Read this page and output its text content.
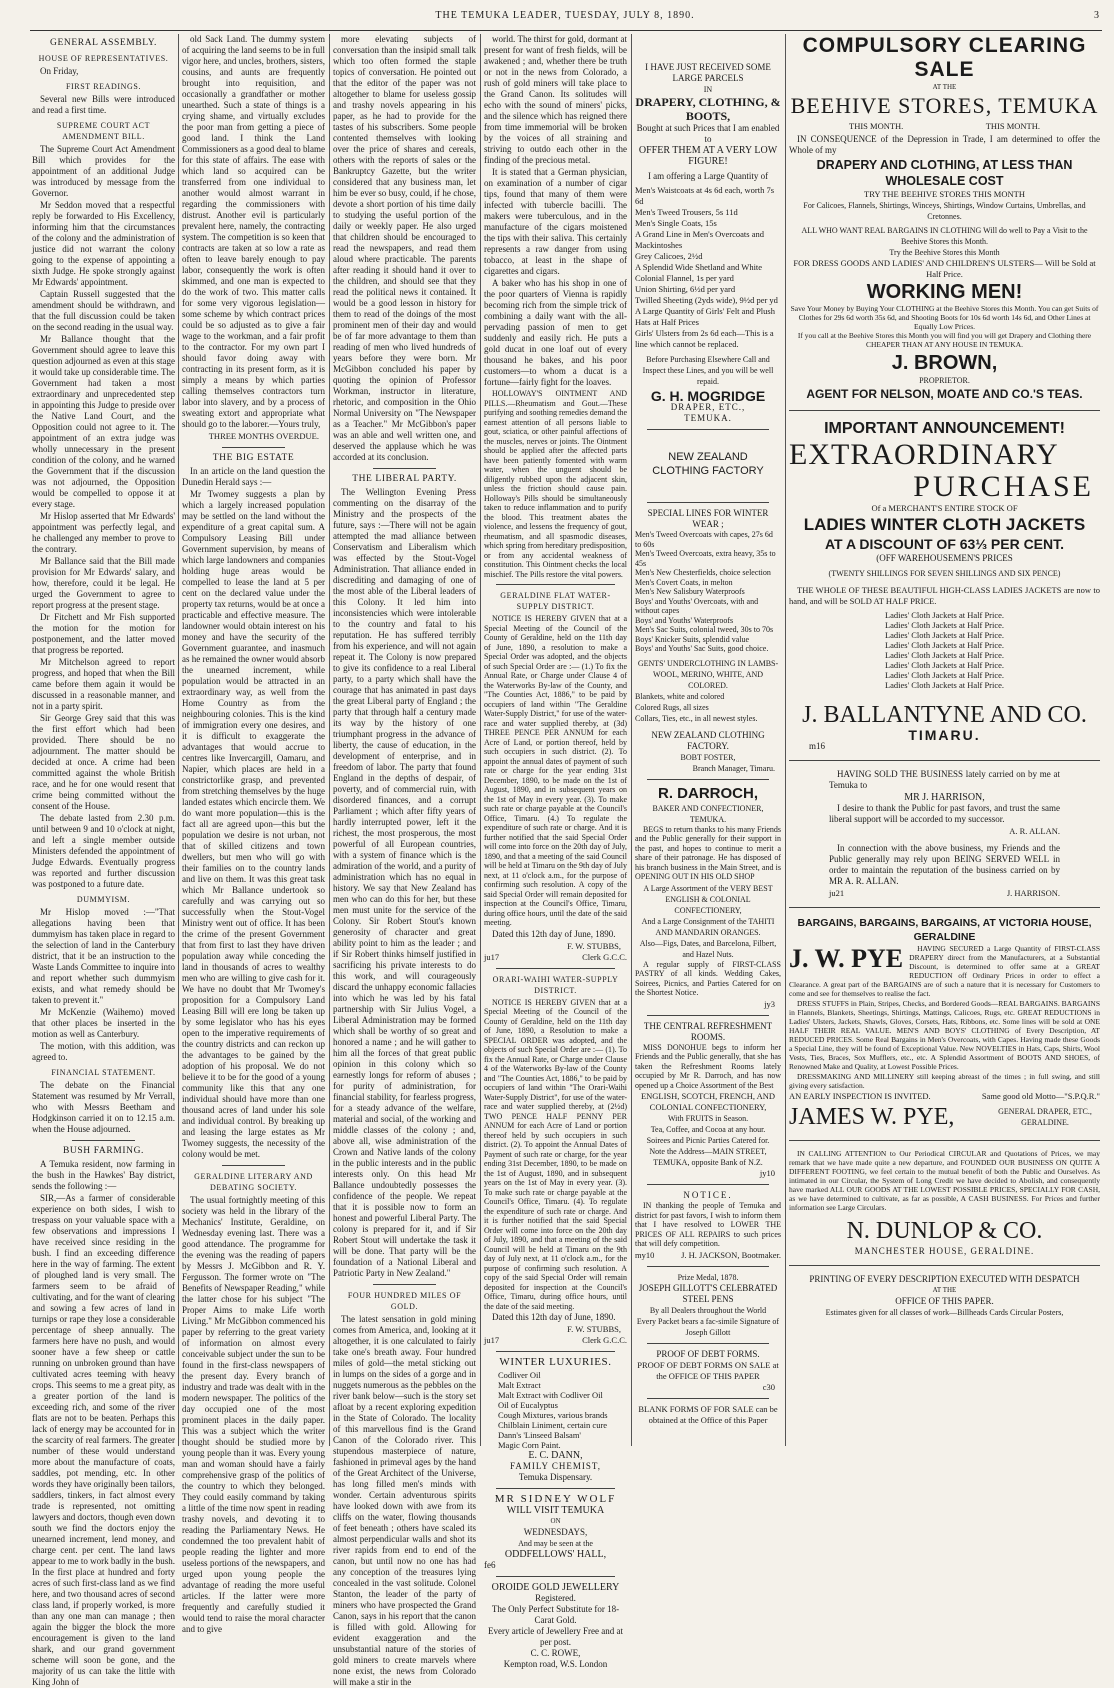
THE TEMUKA LEADER, TUESDAY, JULY 8, 1890.	3
GENERAL ASSEMBLY.
HOUSE OF REPRESENTATIVES.

On Friday,

FIRST READINGS.

Several new Bills were introduced and read a first time.

SUPREME COURT ACT AMENDMENT BILL.

The Supreme Court Act Amendment Bill which provides for the appointment of an additional Judge was introduced by message from the Governor.

Mr Seddon moved that a respectful reply be forwarded to His Excellency, informing him that the circumstances of the colony and the administration of justice did not warrant the colony going to the expense of appointing a sixth Judge. He spoke strongly against Mr Edwards' appointment.

Captain Russell suggested that the amendment should be withdrawn, and that the full discussion could be taken on the second reading in the usual way.

Mr Ballance thought that the Government should agree to leave this question adjourned as even at this stage it would take up considerable time. The Government had taken a most extraordinary and unprecedented step in appointing this Judge to preside over the Native Land Court, and the Opposition could not agree to it. The appointment of an extra judge was wholly unnecessary in the present condition of the colony, and he warned the Government that if the discussion was not adjourned, the Opposition would be compelled to oppose it at every stage.

Mr Hislop asserted that Mr Edwards' appointment was perfectly legal, and he challenged any member to prove to the contrary.

Mr Ballance said that the Bill made provision for Mr Edwards' salary, and how, therefore, could it be legal. He urged the Government to agree to report progress at the present stage.

Dr Fitchett and Mr Fish supported the motion for the motion for postponement, and the latter moved that progress be reported.

Mr Mitchelson agreed to report progress, and hoped that when the Bill came before them again it would be discussed in a reasonable manner, and not in a party spirit.

Sir George Grey said that this was the first effort which had been provided. There should be no adjournment. The matter should be decided at once. A crime had been committed against the whole British race, and he for one would resent that crime being committed without the consent of the House.

The debate lasted from 2.30 p.m. until between 9 and 10 o'clock at night, and left a single member outside Ministers defended the appointment of Judge Edwards. Eventually progress was reported and further discussion was postponed to a future date.

DUMMYISM.

Mr Hislop moved :—"That allegations having been that dummyism has taken place in regard to the selection of land in the Canterbury district, that it be an instruction to the Waste Lands Committee to inquire into and report whether such dummyism exists, and what remedy should be taken to prevent it."

Mr McKenzie (Waihemo) moved that other places be inserted in the motion as well as Canterbury.

The motion, with this addition, was agreed to.

FINANCIAL STATEMENT.

The debate on the Financial Statement was resumed by Mr Verrall, who with Messrs Beetham and Hodgkinson carried it on to 12.15 a.m. when the House adjourned.

BUSH FARMING.

A Temuka resident, now farming in the bush in the Hawkes' Bay district, sends the following :—

SIR,—As a farmer of considerable experience on both sides, I wish to trespass on your valuable space with a few observations and impressions I have received since residing in the bush. I find an exceeding difference here in the way of farming. The extent of ploughed land is very small. The farmers seem to be afraid of cultivating, and for the want of clearing and sowing a few acres of land in turnips or rape they lose a considerable percentage of sheep annually. The farmers here have no push, and would sooner have a few sheep or cattle running on unbroken ground than have cultivated acres teeming with heavy crops. This seems to me a great pity, as a greater portion of the land is exceeding rich, and some of the river flats are not to be beaten. Perhaps this lack of energy may be accounted for in the scarcity of real farmers. The greater number of these would understand more about the manufacture of coats, saddles, pot mending, etc. In other words they have originally been tailors, saddlers, tinkers, in fact almost every trade is represented, not omitting lawyers and doctors, though even down south we find the doctors enjoy the unearned increment, lend money, and charge cent. per cent. The land laws appear to me to work badly in the bush. In the first place at hundred and forty acres of such first-class land as we find here, and two thousand acres of second class land, if properly worked, is more than any one man can manage ; then again the bigger the block the more encouragement is given to the land shark, and our grand government scheme will soon be gone, and the majority of us can take the little with King John of

old Sack Land. The dummy system of acquiring the land seems to be in full vigor here, and uncles, brothers, sisters, cousins, and aunts are frequently brought into requisition, and occasionally a grandfather or mother unearthed. Such a state of things is a crying shame, and virtually excludes the poor man from getting a piece of good land. I think the Land Commissioners as a good deal to blame for this state of affairs. The ease with which land so acquired can be transferred from one individual to another would almost warrant in regarding the commissioners with distrust. Another evil is particularly prevalent here, namely, the contracting system. The competition is so keen that contracts are taken at so low a rate as often to leave barely enough to pay labor, consequently the work is often skimmed, and one man is expected to do the work of two. This matter calls for some very vigorous legislation—some scheme by which contract prices could be so adjusted as to give a fair wage to the workman, and a fair profit to the contractor. For my own part I should favor doing away with contracting in its present form, as it is simply a means by which parties calling themselves contractors turn labor into slavery, and by a process of sweating extort and appropriate what should go to the laborer.—Yours truly,

THREE MONTHS OVERDUE.
THE BIG ESTATE

In an article on the land question the Dunedin Herald says :—

Mr Twomey suggests a plan by which a largely increased population may be settled on the land without the expenditure of a great capital sum. A Compulsory Leasing Bill under Government supervision, by means of which large landowners and companies holding huge areas would be compelled to lease the land at 5 per cent on the declared value under the property tax returns, would be at once a practicable and effective measure. The landowner would obtain interest on his money and have the security of the Government guarantee, and inasmuch as he remained the owner would absorb the unearned increment, while population would be attracted in an extraordinary way, as well from the Home Country as from the neighbouring colonies. This is the kind of immigration every one desires, and it is difficult to exaggerate the advantages that would accrue to centres like Invercargill, Oamaru, and Napier, which places are held in a constrictorlike grasp, and prevented from stretching themselves by the huge landed estates which encircle them. We do want more population—this is the fact all are agreed upon—this but the population we desire is not urban, not that of skilled citizens and town dwellers, but men who will go with their families on to the country lands and live on them. It was this great task which Mr Ballance undertook so carefully and was carrying out so successfully when the Stout-Vogel Ministry went out of office. It has been the crime of the present Government that from first to last they have driven population away while conceding the land in thousands of acres to wealthy men who are willing to give cash for it. We have no doubt that Mr Twomey's proposition for a Compulsory Land Leasing Bill will ere long be taken up by some legislator who has his eyes open to the imperative requirements of the country districts and can reckon up the advantages to be gained by the adoption of his proposal. We do not believe it to be for the good of a young community like this that any one individual should have more than one thousand acres of land under his sole and individual control. By breaking up and leasing the large estates as Mr Twomey suggests, the necessity of the colony would be met.

GERALDINE LITERARY AND DEBATING SOCIETY.

The usual fortnightly meeting of this society was held in the library of the Mechanics' Institute, Geraldine, on Wednesday evening last. There was a good attendance. The programme for the evening was the reading of papers by Messrs J. McGibbon and R. Y. Fergusson. The former wrote on "The Benefits of Newspaper Reading," while the latter chose for his subject "The Proper Aims to make Life worth Living." Mr McGibbon commenced his paper by referring to the great variety of information on almost every conceivable subject under the sun to be found in the first-class newspapers of the present day. Every branch of industry and trade was dealt with in the modern newspaper. The politics of the day occupied one of the most prominent places in the daily paper. This was a subject which the writer thought should be studied more by young people than it was. Every young man and woman should have a fairly comprehensive grasp of the politics of the country to which they belonged. They could easily command by taking a little of the time now spent in reading trashy novels, and devoting it to reading the Parliamentary News. He condemned the too prevalent habit of people reading the lighter and more useless portions of the newspapers, and urged upon young people the advantage of reading the more useful articles. If the latter were more frequently and carefully studied it would tend to raise the moral character and to give

more elevating subjects of conversation than the insipid small talk which too often formed the staple topics of conversation. He pointed out that the editor of the paper was not altogether to blame for useless gossip and trashy novels appearing in his paper, as he had to provide for the tastes of his subscribers. Some people contented themselves with looking over the price of shares and cereals, others with the reports of sales or the Bankruptcy Gazette, but the writer considered that any business man, let him be ever so busy, could, if he chose, devote a short portion of his time daily to studying the useful portion of the daily or weekly paper. He also urged that children should be encouraged to read the newspapers, and read them aloud where practicable. The parents after reading it should hand it over to the children, and should see that they read the political news it contained. It would be a good lesson in history for them to read of the doings of the most prominent men of their day and would be of far more advantage to them than reading of men who lived hundreds of years before they were born. Mr McGibbon concluded his paper by quoting the opinion of Professor Workman, instructor in literature, rhetoric, and composition in the Ohio Normal University on "The Newspaper as a Teacher." Mr McGibbon's paper was an able and well written one, and deserved the applause which he was accorded at its conclusion.

THE LIBERAL PARTY.

The Wellington Evening Press commenting on the disarray of the Ministry and the prospects of the future, says :—There will not be again attempted the mad alliance between Conservatism and Liberalism which was effected by the Stout-Vogel Administration. That alliance ended in discrediting and damaging of one of the most able of the Liberal leaders of this Colony. It led him into inconsistencies which were intolerable to the country and fatal to his reputation. He has suffered terribly from his experience, and will not again repeat it. The Colony is now prepared to give its confidence to a real Liberal party, to a party which shall have the courage that has animated in past days the great Liberal party of England ; the party that through half a century made its way by the history of one triumphant progress in the advance of liberty, the cause of education, in the development of enterprise, and in freedom of labor. The party that found England in the depths of despair, of poverty, and of commercial ruin, with disordered finances, and a corrupt Parliament ; which after fifty years of hardly interrupted power, left it the richest, the most prosperous, the most powerful of all European countries, with a system of finance which is the admiration of the world, and a purity of administration which has no equal in history. We say that New Zealand has men who can do this for her, but these men must unite for the service of the Colony. Sir Robert Stout's known generosity of character and great ability point to him as the leader ; and if Sir Robert thinks himself justified in sacrificing his private interests to do this work, and will courageously discard the unhappy economic fallacies into which he was led by his fatal partnership with Sir Julius Vogel, a Liberal Administration may be formed which shall be worthy of so great and honored a name ; and he will gather to him all the forces of that great public opinion in this colony which so earnestly longs for reform of abuses ; for purity of administration, for financial stability, for fearless progress, for a steady advance of the welfare, material and social, of the working and middle classes of the colony ; and, above all, wise administration of the Crown and Native lands of the colony in the public interests and in the public interests only. On this head Mr Ballance undoubtedly possesses the confidence of the people. We repeat that it is possible now to form an honest and powerful Liberal Party. The colony is prepared for it, and if Sir Robert Stout will undertake the task it will be done. That party will be the foundation of a National Liberal and Patriotic Party in New Zealand."

FOUR HUNDRED MILES OF GOLD.

The latest sensation in gold mining comes from America, and, looking at it altogether, it is one calculated to fairly take one's breath away. Four hundred miles of gold—the metal sticking out in lumps on the sides of a gorge and in nuggets numerous as the pebbles on the river bank below—such is the story set afloat by a recent exploring expedition in the State of Colorado. The locality of this marvellous find is the Grand Canon of the Colorado river. This stupendous masterpiece of nature, fashioned in primeval ages by the hand of the Great Architect of the Universe, has long filled men's minds with wonder. Certain adventurous spirits have looked down with awe from its cliffs on the water, flowing thousands of feet beneath ; others have scaled its almost perpendicular walls and shot its river rapids from end to end of the canon, but until now no one has had any conception of the treasures lying concealed in the vast solitude. Colonel Stanton, the leader of the party of miners who have prospected the Grand Canon, says in his report that the canon is filled with gold. Allowing for evident exaggeration and the unsubstantial nature of the stories of gold miners to create marvels where none exist, the news from Colorado will make a stir in the

world. The thirst for gold, dormant at present for want of fresh fields, will be awakened ; and, whether there be truth or not in the news from Colorado, a rush of gold miners will take place to the Grand Canon. Its solitudes will echo with the sound of miners' picks, and the silence which has reigned there from time immemorial will be broken by the voices of all straining and striving to outdo each other in the finding of the precious metal.

It is stated that a German physician, on examination of a number of cigar tips, found that many of them were infected with tubercle bacilli. The makers were tuberculous, and in the manufacture of the cigars moistened the tips with their saliva. This certainly represents a raw danger from using tobacco, at least in the shape of cigarettes and cigars.

A baker who has his shop in one of the poor quarters of Vienna is rapidly becoming rich from the simple trick of combining a daily want with the all-pervading passion of men to get suddenly and easily rich. He puts a gold ducat in one loaf out of every thousand he bakes, and his poor customers—to whom a ducat is a fortune—fairly fight for the loaves.

HOLLOWAY'S OINTMENT AND PILLS.—Rheumatism and Gout.—These purifying and soothing remedies demand the earnest attention of all persons liable to gout, sciatica, or other painful affections of the muscles, nerves or joints. The Ointment should be applied after the affected parts have been patiently fomented with warm water, when the unguent should be diligently rubbed upon the adjacent skin, unless the friction should cause pain. Holloway's Pills should be simultaneously taken to reduce inflammation and to purify the blood. This treatment abates the violence, and lessens the frequency of gout, rheumatism, and all spasmodic diseases, which spring from hereditary predisposition, or from any accidental weakness of constitution. This Ointment checks the local mischief. The Pills restore the vital powers.

GERALDINE FLAT WATER-SUPPLY DISTRICT.

NOTICE IS HEREBY GIVEN that at a Special Meeting of the Council of the County of Geraldine, held on the 11th day of June, 1890, a resolution to make a Special Order was adopted, and the objects of such Special Order are :— (1.) To fix the Annual Rate, or Charge under Clause 4 of the Waterworks By-law of the County, and "The Counties Act, 1886," to be paid by occupiers of land within "The Geraldine Water-Supply District," for use of the water-race and water supplied thereby, at (3d) THREE PENCE PER ANNUM for each Acre of Land, or portion thereof, held by such occupiers in such district. (2). To appoint the annual dates of payment of such rate or charge for the year ending 31st December, 1890, to be made on the 1st of August, 1890, and in subsequent years on the 1st of May in every year. (3). To make such rate or charge payable at the Council's Office, Timaru. (4.) To regulate the expenditure of such rate or charge. And it is further notified that the said Special Order will come into force on the 20th day of July, 1890, and that a meeting of the said Council will be held at Timaru on the 9th day of July next, at 11 o'clock a.m., for the purpose of confirming such resolution. A copy of the said Special Order will remain deposited for inspection at the Council's Office, Timaru, during office hours, until the date of the said meeting.

Dated this 12th day of June, 1890.

F. W. STUBBS,
ju17	Clerk G.C.C.
ORARI-WAIHI WATER-SUPPLY DISTRICT.

NOTICE IS HEREBY GIVEN that at a Special Meeting of the Council of the County of Geraldine, held on the 11th day of June, 1890, a Resolution to make a SPECIAL ORDER was adopted, and the objects of such Special Order are :— (1). To fix the Annual Rate, or Charge under Clause 4 of the Waterworks By-law of the County and "The Counties Act, 1886," to be paid by occupiers of land within "The Orari-Waihi Water-Supply District", for use of the water-race and water supplied thereby, at (2½d) TWO PENCE HALF PENNY PER ANNUM for each Acre of Land or portion thereof held by such occupiers in such district. (2). To appoint the Annual Dates of Payment of such rate or charge, for the year ending 31st December, 1890, to be made on the 1st of August, 1890, and in subsequent years on the 1st of May in every year. (3). To make such rate or charge payable at the Council's Office, Timaru. (4). To regulate the expenditure of such rate or charge. And it is further notified that the said Special Order will come into force on the 20th day of July, 1890, and that a meeting of the said Council will be held at Timaru on the 9th day of July next, at 11 o'clock a.m., for the purpose of confirming such resolution. A copy of the said Special Order will remain deposited for inspection at the Council's Office, Timaru, during office hours, until the date of the said meeting.

Dated this 12th day of June, 1890.

F. W. STUBBS,
ju17	Clerk G.C.C.
WINTER LUXURIES.
Codliver Oil
Malt Extract
Malt Extract with Codliver Oil
Oil of Eucalyptus
Cough Mixtures, various brands
Chilblain Liniment, certain cure
Dann's 'Linseed Balsam'
Magic Corn Paint.
E. C. DANN,
FAMILY CHEMIST,
Temuka Dispensary.
MR SIDNEY WOLF
WILL VISIT TEMUKA
ON
WEDNESDAYS,
And may be seen at the
ODDFELLOWS' HALL,
fe6
OROIDE GOLD JEWELLERY
Registered.
The Only Perfect Substitute for 18-Carat Gold.
Every article of Jewellery Free and at per post.
C. C. ROWE,
Kempton road, W.S. London
I HAVE JUST RECEIVED SOME LARGE PARCELS
IN
DRAPERY, CLOTHING, & BOOTS,
Bought at such Prices that I am enabled to
OFFER THEM AT A VERY LOW FIGURE!
I am offering a Large Quantity of
Men's Waistcoats at 4s 6d each, worth 7s 6d
Men's Tweed Trousers, 5s 11d
Men's Single Coats, 15s
A Grand Line in Men's Overcoats and Mackintoshes
Grey Calicoes, 2½d
A Splendid Wide Shetland and White Colonial Flannel, 1s per yard
Union Shirting, 6½d per yard
Twilled Sheeting (2yds wide), 9½d per yd
A Large Quantity of Girls' Felt and Plush Hats at Half Prices
Girls' Ulsters from 2s 6d each—This is a line which cannot be replaced.
Before Purchasing Elsewhere Call and Inspect these Lines, and you will be well repaid.
G. H. MOGRIDGE
DRAPER, ETC.,
TEMUKA.
NEW ZEALAND CLOTHING FACTORY
SPECIAL LINES FOR WINTER WEAR ;
Men's Tweed Overcoats with capes, 27s 6d to 60s
Men's Tweed Overcoats, extra heavy, 35s to 45s
Men's New Chesterfields, choice selection
Men's Covert Coats, in melton
Men's New Salisbury Waterproofs
Boys' and Youths' Overcoats, with and without capes
Boys' and Youths' Waterproofs
Men's Sac Suits, colonial tweed, 30s to 70s
Boys' Knicker Suits, splendid value
Boys' and Youths' Sac Suits, good choice.
GENTS' UNDERCLOTHING IN LAMBS-WOOL, MERINO, WHITE, AND COLORED.
Blankets, white and colored
Colored Rugs, all sizes
Collars, Ties, etc., in all newest styles.
NEW ZEALAND CLOTHING FACTORY.
BOBT FOSTER,
Branch Manager, Timaru.
R. DARROCH,
BAKER AND CONFECTIONER, TEMUKA.

BEGS to return thanks to his many Friends and the Public generally for their support in the past, and hopes to continue to merit a share of their patronage. He has disposed of his branch business in the Main Street, and is OPENING OUT IN HIS OLD SHOP

A Large Assortment of the VERY BEST ENGLISH & COLONIAL CONFECTIONERY,
And a Large Consignment of the TAHITI AND MANDARIN ORANGES.
Also—Figs, Dates, and Barcelona, Filbert, and Hazel Nuts.

A regular supply of FIRST-CLASS PASTRY of all kinds. Wedding Cakes, Soirees, Picnics, and Parties Catered for on the Shortest Notice.

jy3
THE CENTRAL REFRESHMENT ROOMS.

MISS DONOHUE begs to inform her Friends and the Public generally, that she has taken the Refreshment Rooms lately occupied by Mr R. Darroch, and has now opened up a Choice Assortment of the Best

ENGLISH, SCOTCH, FRENCH, AND COLONIAL CONFECTIONERY,
With FRUITS in Season.
Tea, Coffee, and Cocoa at any hour.
Soirees and Picnic Parties Catered for.
Note the Address—MAIN STREET, TEMUKA, opposite Bank of N.Z.
jy10
NOTICE.

IN thanking the people of Temuka and district for past favors, I wish to inform them that I have resolved to LOWER THE PRICES OF ALL REPAIRS to such prices that will defy competition.

my10	J. H. JACKSON, Bootmaker.
Prize Medal, 1878.
JOSEPH GILLOTT'S CELEBRATED STEEL PENS
By all Dealers throughout the World
Every Packet bears a fac-simile Signature of Joseph Gillott
PROOF OF DEBT FORMS.
PROOF OF DEBT FORMS ON SALE at the OFFICE OF THIS PAPER
c30
BLANK FORMS OF FOR SALE can be obtained at the Office of this Paper
COMPULSORY CLEARING SALE
AT THE
BEEHIVE STORES, TEMUKA
THIS MONTH.	THIS MONTH.

IN CONSEQUENCE of the Depression in Trade, I am determined to offer the Whole of my

DRAPERY AND CLOTHING, AT LESS THAN WHOLESALE COST
TRY THE BEEHIVE STORES THIS MONTH
For Calicoes, Flannels, Shirtings, Winceys, Shirtings, Window Curtains, Umbrellas, and Cretonnes.
ALL WHO WANT REAL BARGAINS IN CLOTHING Will do well to Pay a Visit to the Beehive Stores this Month.
Try the Beehive Stores this Month
FOR DRESS GOODS AND LADIES' AND CHILDREN'S ULSTERS— Will be Sold at Half Price.
WORKING MEN!
Save Your Money by Buying Your CLOTHING at the Beehive Stores this Month. You can get Suits of Clothes for 29s 6d worth 35s 6d, and Shooting Boots for 10s 6d worth 14s 6d, and Other Lines at Equally Low Prices.
If you call at the Beehive Stores this Month you will find you will get Drapery and Clothing there CHEAPER THAN AT ANY HOUSE IN TEMUKA.
J. BROWN,
PROPRIETOR.
AGENT FOR NELSON, MOATE AND CO.'S TEAS.
IMPORTANT ANNOUNCEMENT!
EXTRAORDINARY
PURCHASE
Of a MERCHANT'S ENTIRE STOCK OF
LADIES WINTER CLOTH JACKETS
AT A DISCOUNT OF 63⅓ PER CENT.
(OFF WAREHOUSEMEN'S PRICES
(TWENTY SHILLINGS FOR SEVEN SHILLINGS AND SIX PENCE)

THE WHOLE OF THESE BEAUTIFUL HIGH-CLASS LADIES JACKETS are now to hand, and will be SOLD AT HALF PRICE.

Ladies' Cloth Jackets at Half Price.
Ladies' Cloth Jackets at Half Price.
Ladies' Cloth Jackets at Half Price.
Ladies' Cloth Jackets at Half Price.
Ladies' Cloth Jackets at Half Price.
Ladies' Cloth Jackets at Half Price.
Ladies' Cloth Jackets at Half Price.
Ladies' Cloth Jackets at Half Price.
J. BALLANTYNE AND CO.
TIMARU.
m16

HAVING SOLD THE BUSINESS lately carried on by me at Temuka to

MR J. HARRISON,

I desire to thank the Public for past favors, and trust the same liberal support will be accorded to my successor.

A. R. ALLAN.

In connection with the above business, my Friends and the Public generally may rely upon BEING SERVED WELL in order to maintain the reputation of the business carried on by MR A. R. ALLAN.

ju21	J. HARRISON.
BARGAINS, BARGAINS, BARGAINS, AT VICTORIA HOUSE, GERALDINE
J. W. PYE	HAVING SECURED a Large Quantity of FIRST-CLASS DRAPERY direct from the Manufacturers, at a Substantial Discount, is determined to offer same at a GREAT REDUCTION off Ordinary Prices in order to effect a Clearance. A great part of the BARGAINS are of such a nature that it is necessary for Customers to come and see for themselves to realise the fact.

DRESS STUFFS in Plain, Stripes, Checks, and Bordered Goods—REAL BARGAINS. BARGAINS in Flannels, Blankets, Sheetings, Shirtings, Mattings, Calicoes, Rugs, etc. GREAT REDUCTIONS in Ladies' Ulsters, Jackets, Shawls, Gloves, Corsets, Hats, Ribbons, etc. Some lines will be sold at ONE HALF THEIR REAL VALUE. MEN'S AND BOYS' CLOTHING of Every Description, AT REDUCED PRICES. Some Real Bargains in Men's Overcoats, with Capes. Having made these Goods a Special Line, they will be found of Exceptional Value. New NOVELTIES in Hats, Caps, Shirts, Wool Vests, Ties, Braces, Sox Mufflers, etc., etc. A Splendid Assortment of BOOTS AND SHOES, of Renowned Make and Quality, at Lowest Possible Prices.

DRESSMAKING AND MILLINERY still keeping abreast of the times ; in full swing, and still giving every satisfaction.

AN EARLY INSPECTION IS INVITED.	Same good old Motto—"S.P.Q.R."
JAMES W. PYE,	GENERAL DRAPER, ETC., GERALDINE.

IN CALLING ATTENTION to Our Periodical CIRCULAR and Quotations of Prices, we may remark that we have made quite a new departure, and FOUNDED OUR BUSINESS ON QUITE A DIFFERENT FOOTING, we feel certain to the mutual benefit of both the Public and Ourselves. As intimated in our Circular, the System of Long Credit we have decided to Abolish, and consequently have marked ALL OUR GOODS AT THE LOWEST POSSIBLE PRICES, SPECIALLY FOR CASH, as we have determined to cultivate, as far as possible, A CASH BUSINESS. For Prices and further information see Large Circulars.

N. DUNLOP & CO.
MANCHESTER HOUSE, GERALDINE.
PRINTING OF EVERY DESCRIPTION EXECUTED WITH DESPATCH
AT THE
OFFICE OF THIS PAPER.
Estimates given for all classes of work—Billheads Cards Circular Posters,
